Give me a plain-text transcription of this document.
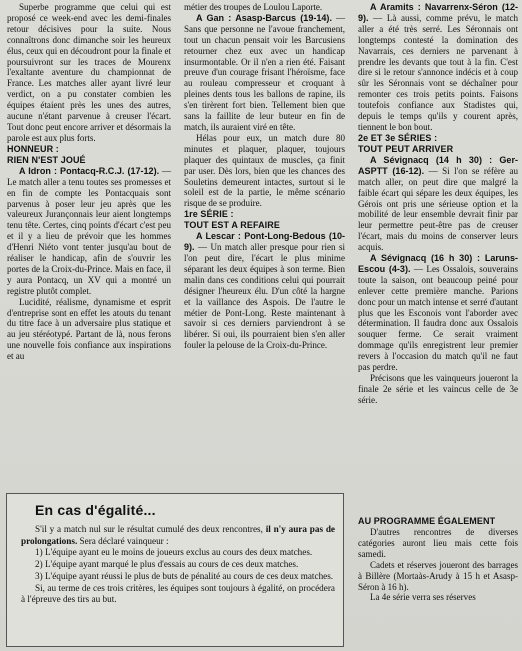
Superbe programme que celui qui est proposé ce week-end avec les demi-finales retour décisives pour la suite. Nous connaîtrons donc dimanche soir les heureux élus, ceux qui en découdront pour la finale et poursuivront sur les traces de Mourenx l'exaltante aventure du championnat de France. Les matches aller ayant livré leur verdict, on a pu constater combien les équipes étaient près les unes des autres, aucune n'étant parvenue à creuser l'écart. Tout donc peut encore arriver et désormais la parole est aux plus forts.

HONNEUR :
RIEN N'EST JOUÉ

A Idron : Pontacq-R.C.J. (17-12). — Le match aller a tenu toutes ses promesses et en fin de compte les Pontacquais sont parvenus à poser leur jeu après que les valeureux Jurançonnais leur aient longtemps tenu tête. Certes, cinq points d'écart c'est peu et il y a lieu de prévoir que les hommes d'Henri Niéto vont tenter jusqu'au bout de réaliser le handicap, afin de s'ouvrir les portes de la Croix-du-Prince. Mais en face, il y aura Pontacq, un XV qui a montré un registre plutôt complet.

Lucidité, réalisme, dynamisme et esprit d'entreprise sont en effet les atouts du tenant du titre face à un adversaire plus statique et au jeu stéréotypé. Partant de là, nous ferons une nouvelle fois confiance aux inspirations et au

métier des troupes de Loulou Laporte.

A Gan : Asasp-Barcus (19-14). — Sans que personne ne l'avoue franchement, tout un chacun pensait voir les Barcusiens retourner chez eux avec un handicap insurmontable. Or il n'en a rien été. Faisant preuve d'un courage frisant l'héroïsme, face au rouleau compresseur et croquant à pleines dents tous les ballons de rapine, ils s'en tirèrent fort bien. Tellement bien que sans la faillite de leur buteur en fin de match, ils auraient viré en tête.

Hélas pour eux, un match dure 80 minutes et plaquer, plaquer, toujours plaquer des quintaux de muscles, ça finit par user. Dès lors, bien que les chances des Souletins demeurent intactes, surtout si le soleil est de la partie, le même scénario risque de se produire.

1re SÉRIE :
TOUT EST A REFAIRE

A Lescar : Pont-Long-Bedous (10-9). — Un match aller presque pour rien si l'on peut dire, l'écart le plus minime séparant les deux équipes à son terme. Bien malin dans ces conditions celui qui pourrait désigner l'heureux élu. D'un côté la hargne et la vaillance des Aspois. De l'autre le métier de Pont-Long. Reste maintenant à savoir si ces derniers parviendront à se libérer. Si oui, ils pourraient bien s'en aller fouler la pelouse de la Croix-du-Prince.

A Aramits : Navarrenx-Séron (12-9). — Là aussi, comme prévu, le match aller a été très serré. Les Séronnais ont longtemps contesté la domination des Navarrais, ces derniers ne parvenant à prendre les devants que tout à la fin. C'est dire si le retour s'annonce indécis et à coup sûr les Séronnais vont se déchaîner pour remonter ces trois petits points. Faisons toutefois confiance aux Stadistes qui, depuis le temps qu'ils y courent après, tiennent le bon bout.

2e ET 3e SÉRIES :
TOUT PEUT ARRIVER

A Sévignacq (14 h 30) : Ger-ASPTT (16-12). — Si l'on se réfère au match aller, on peut dire que malgré la faible écart qui sépare les deux équipes, les Gérois ont pris une sérieuse option et la mobilité de leur ensemble devrait finir par leur permettre peut-être pas de creuser l'écart, mais du moins de conserver leurs acquis.

A Sévignacq (16 h 30) : Laruns-Escou (4-3). — Les Ossalois, souverains toute la saison, ont beaucoup peiné pour enlever cette première manche. Parions donc pour un match intense et serré d'autant plus que les Esconois vont l'aborder avec détermination. Il faudra donc aux Ossalois souquer ferme. Ce serait vraiment dommage qu'ils enregistrent leur premier revers à l'occasion du match qu'il ne faut pas perdre.

Précisons que les vainqueurs joueront la finale 2e série et les vaincus celle de 3e série.

AU PROGRAMME ÉGALEMENT

D'autres rencontres de diverses catégories auront lieu mais cette fois samedi.

Cadets et réserves joueront des barrages à Billère (Mortaàs-Arudy à 15 h et Asasp-Séron à 16 h).

La 4e série verra ses réserves

En cas d'égalité...

S'il y a match nul sur le résultat cumulé des deux rencontres, il n'y aura pas de prolongations. Sera déclaré vainqueur :

1) L'équipe ayant eu le moins de joueurs exclus au cours des deux matches.

2) L'équipe ayant marqué le plus d'essais au cours de ces deux matches.

3) L'équipe ayant réussi le plus de buts de pénalité au cours de ces deux matches.

Si, au terme de ces trois critères, les équipes sont toujours à égalité, on procédera à l'épreuve des tirs au but.
